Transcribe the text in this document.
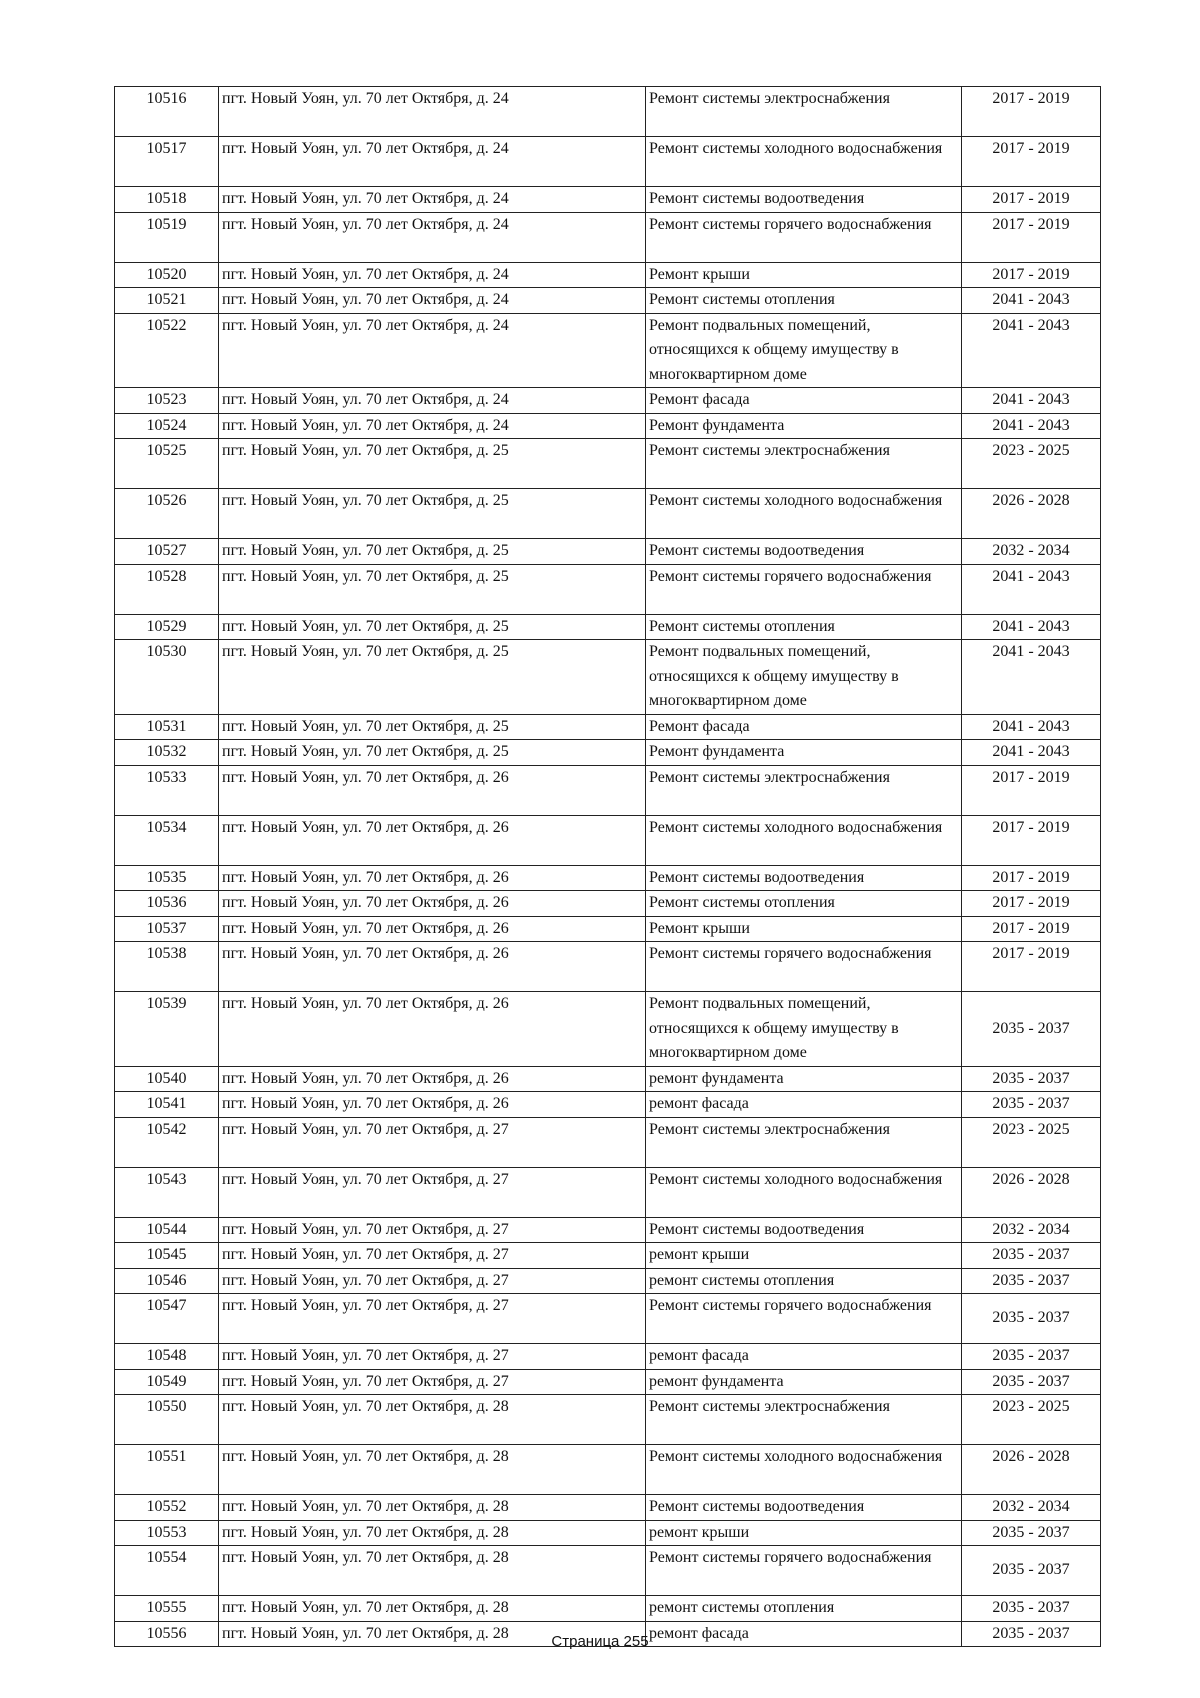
10516	пгт. Новый Уоян, ул. 70 лет Октября, д. 24	Ремонт системы электроснабжения	2017 - 2019
10517	пгт. Новый Уоян, ул. 70 лет Октября, д. 24	Ремонт системы холодного водоснабжения	2017 - 2019
10518	пгт. Новый Уоян, ул. 70 лет Октября, д. 24	Ремонт системы водоотведения	2017 - 2019
10519	пгт. Новый Уоян, ул. 70 лет Октября, д. 24	Ремонт системы горячего водоснабжения	2017 - 2019
10520	пгт. Новый Уоян, ул. 70 лет Октября, д. 24	Ремонт крыши	2017 - 2019
10521	пгт. Новый Уоян, ул. 70 лет Октября, д. 24	Ремонт системы отопления	2041 - 2043
10522	пгт. Новый Уоян, ул. 70 лет Октября, д. 24	Ремонт подвальных помещений, относящихся к общему имуществу в многоквартирном доме	2041 - 2043
10523	пгт. Новый Уоян, ул. 70 лет Октября, д. 24	Ремонт фасада	2041 - 2043
10524	пгт. Новый Уоян, ул. 70 лет Октября, д. 24	Ремонт фундамента	2041 - 2043
10525	пгт. Новый Уоян, ул. 70 лет Октября, д. 25	Ремонт системы электроснабжения	2023 - 2025
10526	пгт. Новый Уоян, ул. 70 лет Октября, д. 25	Ремонт системы холодного водоснабжения	2026 - 2028
10527	пгт. Новый Уоян, ул. 70 лет Октября, д. 25	Ремонт системы водоотведения	2032 - 2034
10528	пгт. Новый Уоян, ул. 70 лет Октября, д. 25	Ремонт системы горячего водоснабжения	2041 - 2043
10529	пгт. Новый Уоян, ул. 70 лет Октября, д. 25	Ремонт системы отопления	2041 - 2043
10530	пгт. Новый Уоян, ул. 70 лет Октября, д. 25	Ремонт подвальных помещений, относящихся к общему имуществу в многоквартирном доме	2041 - 2043
10531	пгт. Новый Уоян, ул. 70 лет Октября, д. 25	Ремонт фасада	2041 - 2043
10532	пгт. Новый Уоян, ул. 70 лет Октября, д. 25	Ремонт фундамента	2041 - 2043
10533	пгт. Новый Уоян, ул. 70 лет Октября, д. 26	Ремонт системы электроснабжения	2017 - 2019
10534	пгт. Новый Уоян, ул. 70 лет Октября, д. 26	Ремонт системы холодного водоснабжения	2017 - 2019
10535	пгт. Новый Уоян, ул. 70 лет Октября, д. 26	Ремонт системы водоотведения	2017 - 2019
10536	пгт. Новый Уоян, ул. 70 лет Октября, д. 26	Ремонт системы отопления	2017 - 2019
10537	пгт. Новый Уоян, ул. 70 лет Октября, д. 26	Ремонт крыши	2017 - 2019
10538	пгт. Новый Уоян, ул. 70 лет Октября, д. 26	Ремонт системы горячего водоснабжения	2017 - 2019
10539	пгт. Новый Уоян, ул. 70 лет Октября, д. 26	Ремонт подвальных помещений, относящихся к общему имуществу в многоквартирном доме	2035 - 2037
10540	пгт. Новый Уоян, ул. 70 лет Октября, д. 26	ремонт фундамента	2035 - 2037
10541	пгт. Новый Уоян, ул. 70 лет Октября, д. 26	ремонт фасада	2035 - 2037
10542	пгт. Новый Уоян, ул. 70 лет Октября, д. 27	Ремонт системы электроснабжения	2023 - 2025
10543	пгт. Новый Уоян, ул. 70 лет Октября, д. 27	Ремонт системы холодного водоснабжения	2026 - 2028
10544	пгт. Новый Уоян, ул. 70 лет Октября, д. 27	Ремонт системы водоотведения	2032 - 2034
10545	пгт. Новый Уоян, ул. 70 лет Октября, д. 27	ремонт крыши	2035 - 2037
10546	пгт. Новый Уоян, ул. 70 лет Октября, д. 27	ремонт системы отопления	2035 - 2037
10547	пгт. Новый Уоян, ул. 70 лет Октября, д. 27	Ремонт системы горячего водоснабжения	2035 - 2037
10548	пгт. Новый Уоян, ул. 70 лет Октября, д. 27	ремонт фасада	2035 - 2037
10549	пгт. Новый Уоян, ул. 70 лет Октября, д. 27	ремонт фундамента	2035 - 2037
10550	пгт. Новый Уоян, ул. 70 лет Октября, д. 28	Ремонт системы электроснабжения	2023 - 2025
10551	пгт. Новый Уоян, ул. 70 лет Октября, д. 28	Ремонт системы холодного водоснабжения	2026 - 2028
10552	пгт. Новый Уоян, ул. 70 лет Октября, д. 28	Ремонт системы водоотведения	2032 - 2034
10553	пгт. Новый Уоян, ул. 70 лет Октября, д. 28	ремонт крыши	2035 - 2037
10554	пгт. Новый Уоян, ул. 70 лет Октября, д. 28	Ремонт системы горячего водоснабжения	2035 - 2037
10555	пгт. Новый Уоян, ул. 70 лет Октября, д. 28	ремонт системы отопления	2035 - 2037
10556	пгт. Новый Уоян, ул. 70 лет Октября, д. 28	ремонт фасада	2035 - 2037
Страница 255
